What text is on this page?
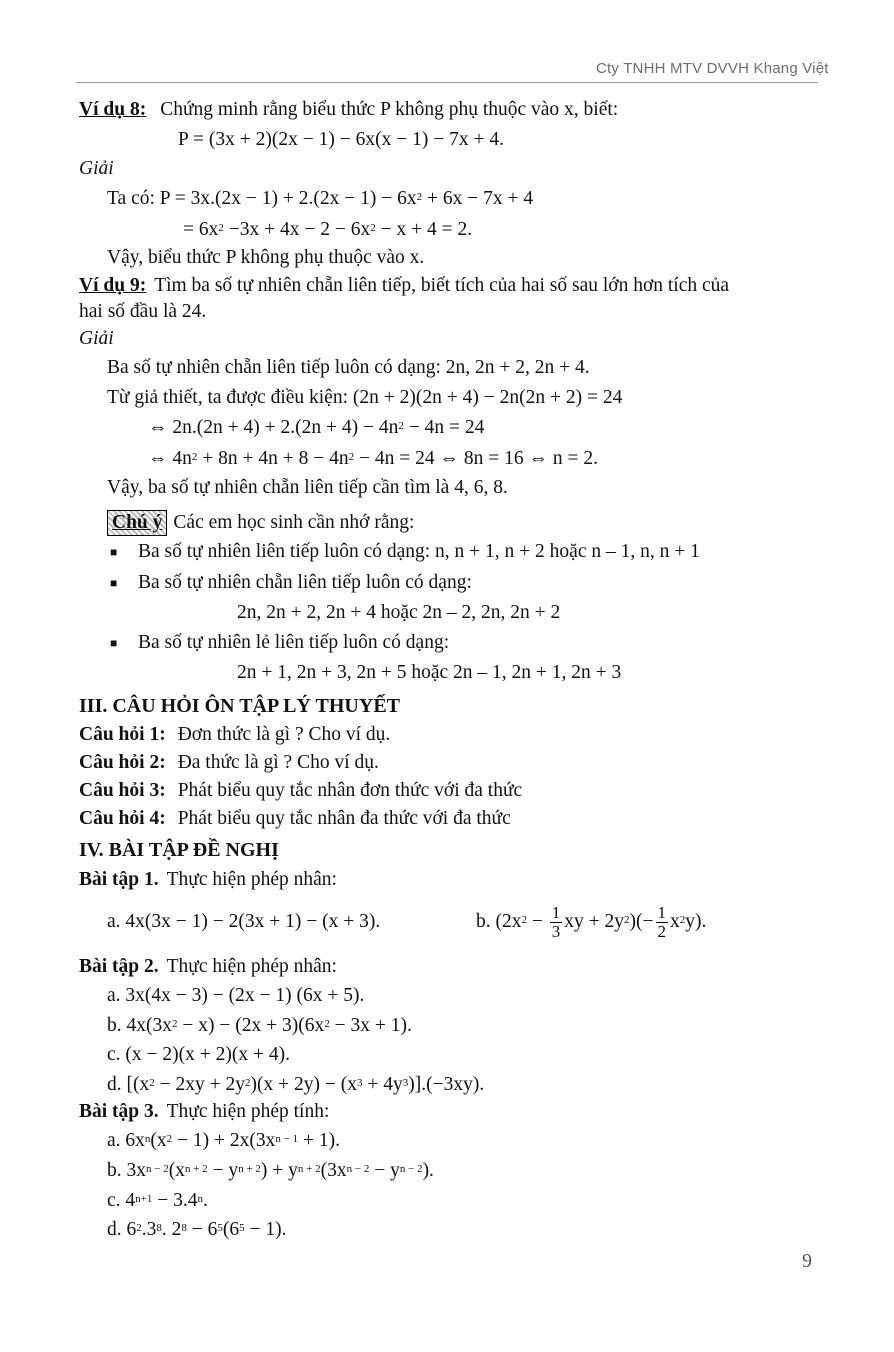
Cty TNHH MTV DVVH Khang Việt
Ví dụ 8: Chứng minh rằng biểu thức P không phụ thuộc vào x, biết:
P = (3x + 2)(2x − 1) − 6x(x − 1) − 7x + 4.
Giải
Ta có: $P = 3x.(2x - 1) + 2.(2x - 1) - 6x^2 + 6x - 7x + 4$
= $6x^2 -3x + 4x - 2 - 6x^2 - x + 4 = 2$.
Vậy, biểu thức P không phụ thuộc vào x.
Ví dụ 9: Tìm ba số tự nhiên chẵn liên tiếp, biết tích của hai số sau lớn hơn tích của
hai số đầu là 24.
Giải
Ba số tự nhiên chẵn liên tiếp luôn có dạng: 2n, 2n + 2, 2n + 4.
Từ giả thiết, ta được điều kiện: (2n + 2)(2n + 4) − 2n(2n + 2) = 24
⇔ $2n.(2n + 4) + 2.(2n + 4) - 4n^2 - 4n = 24$
⇔ $4n^2 + 8n + 4n + 8 - 4n^2 - 4n = 24$ ⇔ 8n = 16 ⇔ n = 2.
Vậy, ba số tự nhiên chẵn liên tiếp cần tìm là 4, 6, 8.
Chú ý Các em học sinh cần nhớ rằng:
■ Ba số tự nhiên liên tiếp luôn có dạng: n, n + 1, n + 2 hoặc n – 1, n, n + 1
■ Ba số tự nhiên chẵn liên tiếp luôn có dạng:
2n, 2n + 2, 2n + 4 hoặc 2n – 2, 2n, 2n + 2
■ Ba số tự nhiên lẻ liên tiếp luôn có dạng:
2n + 1, 2n + 3, 2n + 5 hoặc 2n – 1, 2n + 1, 2n + 3
III. CÂU HỎI ÔN TẬP LÝ THUYẾT
Câu hỏi 1: Đơn thức là gì ? Cho ví dụ.
Câu hỏi 2: Đa thức là gì ? Cho ví dụ.
Câu hỏi 3: Phát biểu quy tắc nhân đơn thức với đa thức
Câu hỏi 4: Phát biểu quy tắc nhân đa thức với đa thức
IV. BÀI TẬP ĐỀ NGHỊ
Bài tập 1. Thực hiện phép nhân:
a. 4x(3x − 1) − 2(3x + 1) − (x + 3).	b. ($2x^2 - \frac{1}{3}$ xy + $2y^2)(- \frac{1}{2} x^2y)$.
Bài tập 2. Thực hiện phép nhân:
a. 3x(4x − 3) − (2x − 1) (6x + 5).
b. $4x(3x^2 - x) - (2x + 3)(6x^2 - 3x + 1)$.
c. (x − 2)(x + 2)(x + 4).
d. $[(x^2 - 2xy + 2y^2)(x + 2y) - (x^3 + 4y^3)].(-3xy)$.
Bài tập 3. Thực hiện phép tính:
a. $6x^n(x^2 - 1) + 2x(3x^{n - 1} + 1)$.
b. $3x^{n - 2}(x^{n + 2} - y^{n + 2}) + y^{n + 2}(3x^{n - 2} - y^{n - 2})$.
c. $4^{n+1} - 3.4^n$.
d. $6^2.3^8$. $2^8 - 6^5(6^5 - 1)$.
9
